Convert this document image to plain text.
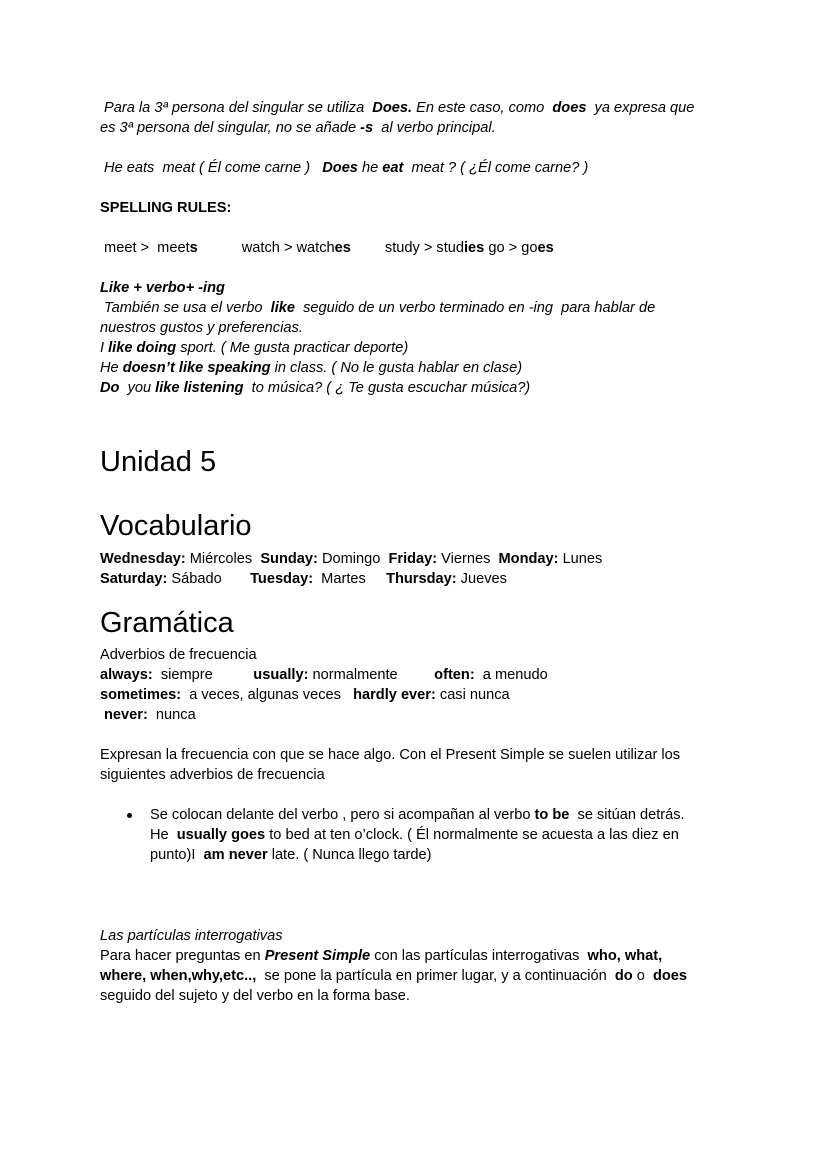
Para la 3ª persona del singular se utiliza  Does. En este caso, como  does  ya expresa que
es 3ª persona del singular, no se añade -s  al verbo principal.
He eats  meat ( Él come carne )   Does he eat  meat ? ( ¿Él come carne? )
SPELLING RULES:
meet >  meets	watch > watches study > studies go > goes
Like + verbo+ -ing
También se usa el verbo  like  seguido de un verbo terminado en -ing  para hablar de
nuestros gustos y preferencias.
I like doing sport. ( Me gusta practicar deporte)
He doesn’t like speaking in class. ( No le gusta hablar en clase)
Do  you like listening  to música? ( ¿ Te gusta escuchar música?)
Unidad 5
Vocabulario
Wednesday: Miércoles  Sunday: Domingo  Friday: Viernes  Monday: Lunes
Saturday: Sábado       Tuesday:  Martes     Thursday: Jueves
Gramática
Adverbios de frecuencia
always:  siempre          usually: normalmente         often:  a menudo
sometimes:  a veces, algunas veces   hardly ever: casi nunca
never:  nunca
Expresan la frecuencia con que se hace algo. Con el Present Simple se suelen utilizar los
siguientes adverbios de frecuencia
Se colocan delante del verbo , pero si acompañan al verbo to be  se sitúan detrás.
He  usually goes to bed at ten o’clock. ( Él normalmente se acuesta a las diez en
punto)I  am never late. ( Nunca llego tarde)
Las partículas interrogativas
Para hacer preguntas en Present Simple con las partículas interrogativas  who, what,
where, when,why,etc..,  se pone la partícula en primer lugar, y a continuación  do o  does
seguido del sujeto y del verbo en la forma base.
